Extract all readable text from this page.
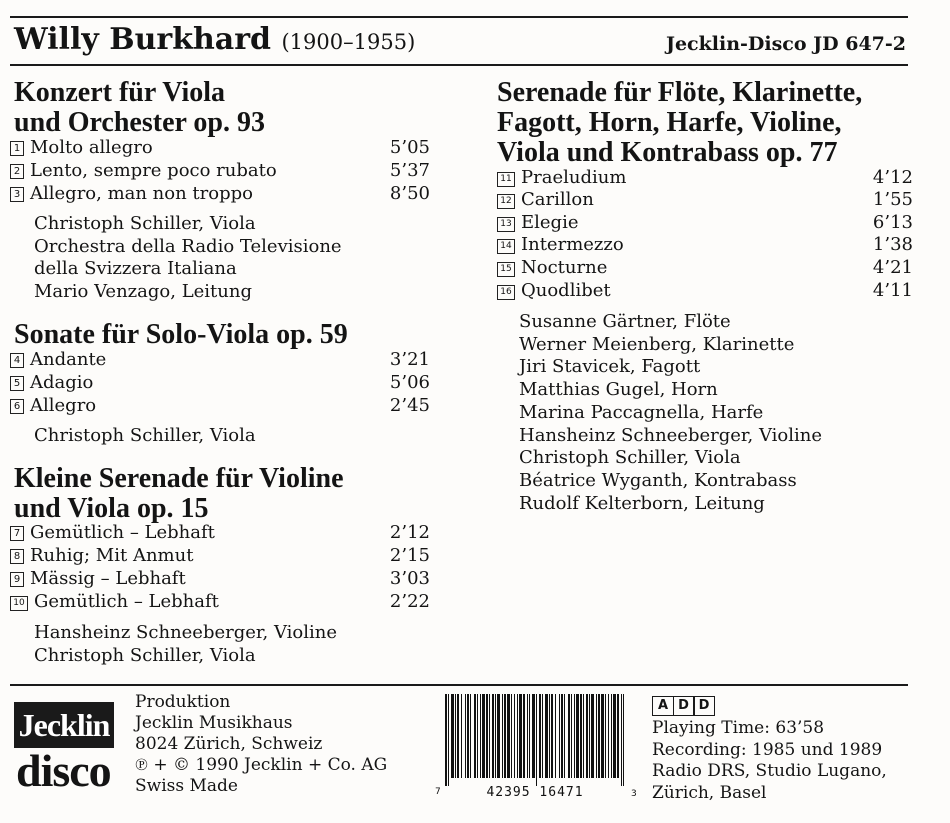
Willy Burkhard (1900–1955)	Jecklin-Disco JD 647-2
Konzert für Viola
und Orchester op. 93
1 Molto allegro	5’05
2 Lento, sempre poco rubato	5’37
3 Allegro, man non troppo	8’50
Christoph Schiller, Viola
Orchestra della Radio Televisione
della Svizzera Italiana
Mario Venzago, Leitung
Sonate für Solo-Viola op. 59
4 Andante	3’21
5 Adagio	5’06
6 Allegro	2’45
Christoph Schiller, Viola
Kleine Serenade für Violine
und Viola op. 15
7 Gemütlich – Lebhaft	2’12
8 Ruhig; Mit Anmut	2’15
9 Mässig – Lebhaft	3’03
10 Gemütlich – Lebhaft	2’22
Hansheinz Schneeberger, Violine
Christoph Schiller, Viola
Serenade für Flöte, Klarinette,
Fagott, Horn, Harfe, Violine,
Viola und Kontrabass op. 77
11 Praeludium	4’12
12 Carillon	1’55
13 Elegie	6’13
14 Intermezzo	1’38
15 Nocturne	4’21
16 Quodlibet	4’11
Susanne Gärtner, Flöte
Werner Meienberg, Klarinette
Jiri Stavicek, Fagott
Matthias Gugel, Horn
Marina Paccagnella, Harfe
Hansheinz Schneeberger, Violine
Christoph Schiller, Viola
Béatrice Wyganth, Kontrabass
Rudolf Kelterborn, Leitung
Jecklin
disco
Produktion
Jecklin Musikhaus
8024 Zürich, Schweiz
℗ + © 1990 Jecklin + Co. AG
Swiss Made	7	42395 16471	3
A D D
Playing Time: 63’58
Recording: 1985 und 1989
Radio DRS, Studio Lugano,
Zürich, Basel
